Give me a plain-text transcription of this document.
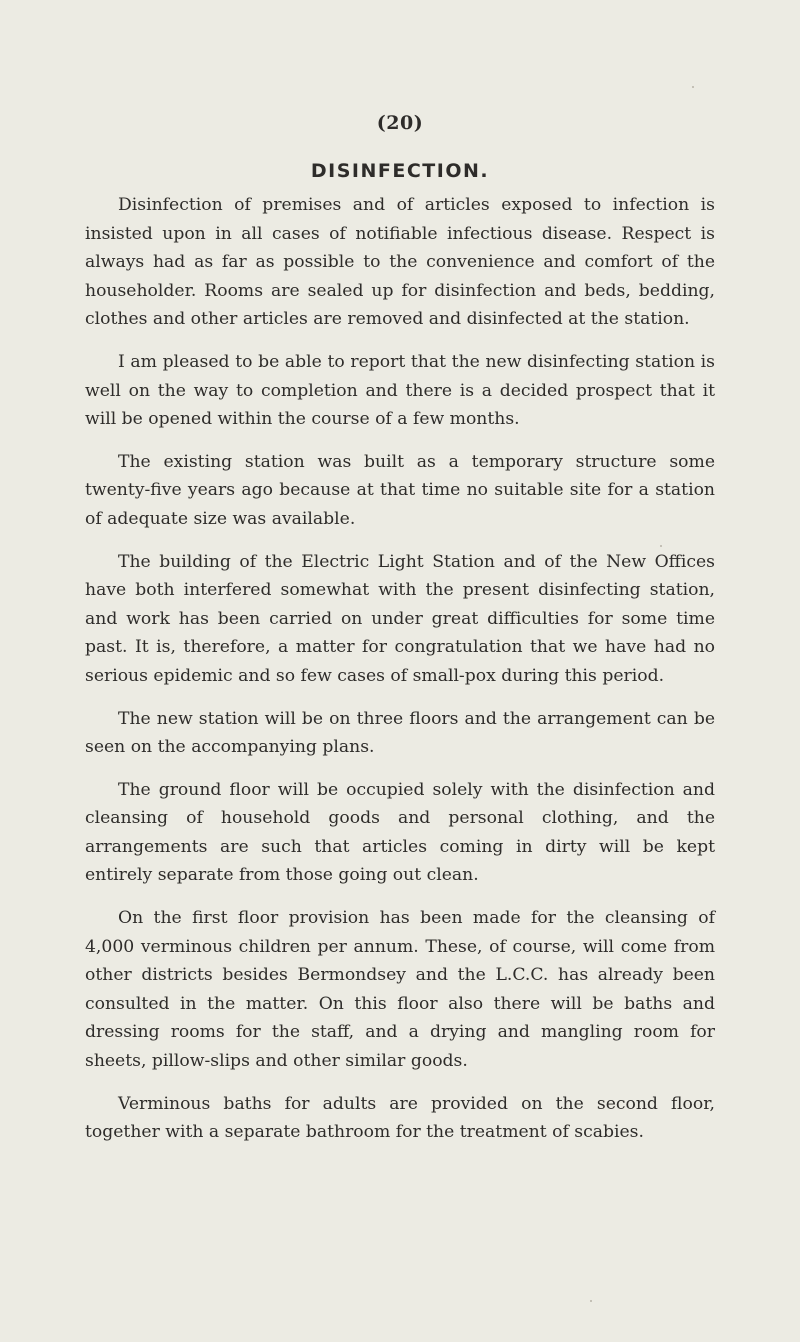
(20)
DISINFECTION.

Disinfection of premises and of articles exposed to infection is insisted upon in all cases of notifiable infectious disease. Respect is always had as far as possible to the convenience and comfort of the householder. Rooms are sealed up for disinfection and beds, bedding, clothes and other articles are removed and disinfected at the station.

I am pleased to be able to report that the new disinfecting station is well on the way to completion and there is a decided prospect that it will be opened within the course of a few months.

The existing station was built as a temporary structure some twenty-five years ago because at that time no suitable site for a station of adequate size was available.

The building of the Electric Light Station and of the New Offices have both interfered somewhat with the present disinfecting station, and work has been carried on under great difficulties for some time past. It is, therefore, a matter for congratulation that we have had no serious epidemic and so few cases of small-pox during this period.

The new station will be on three floors and the arrangement can be seen on the accompanying plans.

The ground floor will be occupied solely with the disinfection and cleansing of household goods and personal clothing, and the arrangements are such that articles coming in dirty will be kept entirely separate from those going out clean.

On the first floor provision has been made for the cleansing of 4,000 verminous children per annum. These, of course, will come from other districts besides Bermondsey and the L.C.C. has already been consulted in the matter. On this floor also there will be baths and dressing rooms for the staff, and a drying and mangling room for sheets, pillow-slips and other similar goods.

Verminous baths for adults are provided on the second floor, together with a separate bathroom for the treatment of scabies.
